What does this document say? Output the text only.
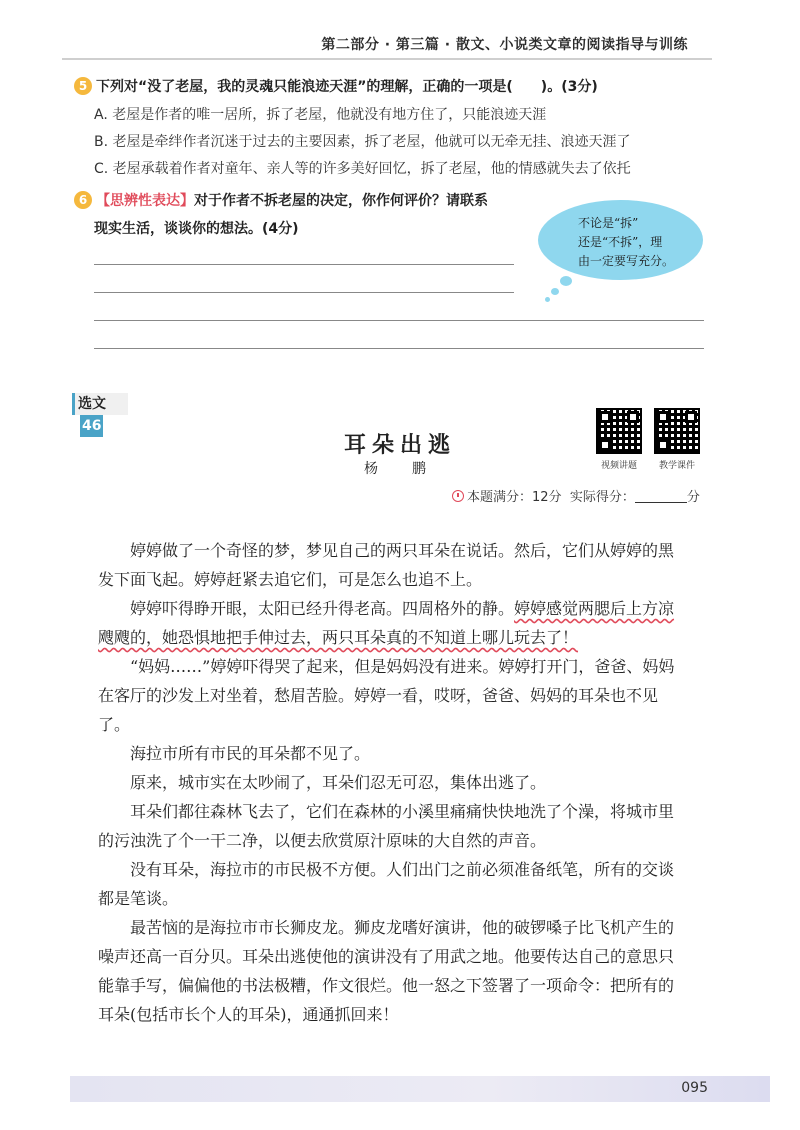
第二部分 · 第三篇 · 散文、小说类文章的阅读指导与训练
5 下列对“没了老屋，我的灵魂只能浪迹天涯”的理解，正确的一项是(　　)。(3分)
A. 老屋是作者的唯一居所，拆了老屋，他就没有地方住了，只能浪迹天涯
B. 老屋是牵绊作者沉迷于过去的主要因素，拆了老屋，他就可以无牵无挂、浪迹天涯了
C. 老屋承载着作者对童年、亲人等的许多美好回忆，拆了老屋，他的情感就失去了依托
6 【思辨性表达】对于作者不拆老屋的决定，你作何评价？请联系
现实生活，谈谈你的想法。(4分)	不论是“拆”
还是“不拆”，理
由一定要写充分。
选文46
耳朵出逃
杨　鹏	视频讲题	教学课件
本题满分：12分 实际得分：	分

婷婷做了一个奇怪的梦，梦见自己的两只耳朵在说话。然后，它们从婷婷的黑发下面飞起。婷婷赶紧去追它们，可是怎么也追不上。

婷婷吓得睁开眼，太阳已经升得老高。四周格外的静。婷婷感觉两腮后上方凉飕飕的，她恐惧地把手伸过去，两只耳朵真的不知道上哪儿玩去了！

“妈妈……”婷婷吓得哭了起来，但是妈妈没有进来。婷婷打开门，爸爸、妈妈在客厅的沙发上对坐着，愁眉苦脸。婷婷一看，哎呀，爸爸、妈妈的耳朵也不见了。

海拉市所有市民的耳朵都不见了。

原来，城市实在太吵闹了，耳朵们忍无可忍，集体出逃了。

耳朵们都往森林飞去了，它们在森林的小溪里痛痛快快地洗了个澡，将城市里的污浊洗了个一干二净，以便去欣赏原汁原味的大自然的声音。

没有耳朵，海拉市的市民极不方便。人们出门之前必须准备纸笔，所有的交谈都是笔谈。

最苦恼的是海拉市市长狮皮龙。狮皮龙嗜好演讲，他的破锣嗓子比飞机产生的噪声还高一百分贝。耳朵出逃使他的演讲没有了用武之地。他要传达自己的意思只能靠手写，偏偏他的书法极糟，作文很烂。他一怒之下签署了一项命令：把所有的耳朵(包括市长个人的耳朵)，通通抓回来！

095
